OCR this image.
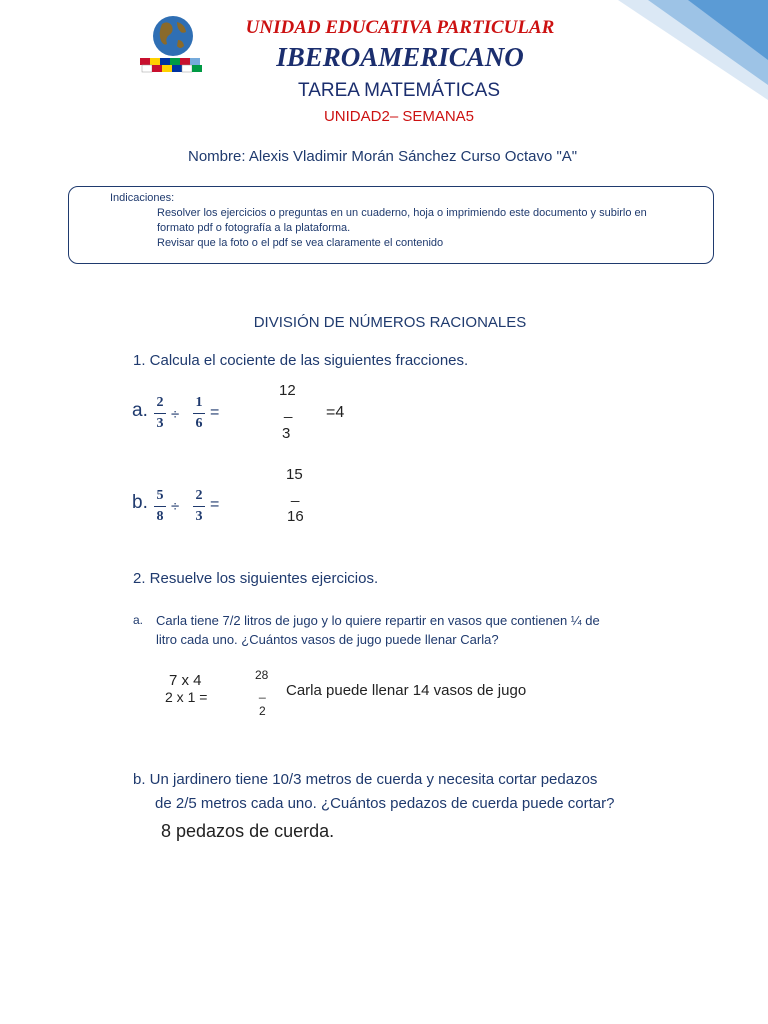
UNIDAD EDUCATIVA PARTICULAR
IBEROAMERICANO
TAREA MATEMÁTICAS
UNIDAD2– SEMANA5
Nombre: Alexis Vladimir Morán Sánchez Curso Octavo "A"
Indicaciones:
Resolver los ejercicios o preguntas en un cuaderno, hoja o imprimiendo este documento y subirlo en
formato pdf o fotografía a la plataforma.
Revisar que la foto o el pdf se vea claramente el contenido
DIVISIÓN DE NÚMEROS RACIONALES
1. Calcula el cociente de las siguientes fracciones.
a. 2
3
÷
1
6
=
12
_
3
=4
b. 5
8
÷
2
3
=
15
_
16
2. Resuelve los siguientes ejercicios.
a. Carla tiene 7/2 litros de jugo y lo quiere repartir en vasos que contienen ¼ de
litro cada uno. ¿Cuántos vasos de jugo puede llenar Carla?
7 x 4
2 x 1 =
28
_
2
Carla puede llenar 14 vasos de jugo
b. Un jardinero tiene 10/3 metros de cuerda y necesita cortar pedazos
de 2/5 metros cada uno. ¿Cuántos pedazos de cuerda puede cortar?
8 pedazos de cuerda.
